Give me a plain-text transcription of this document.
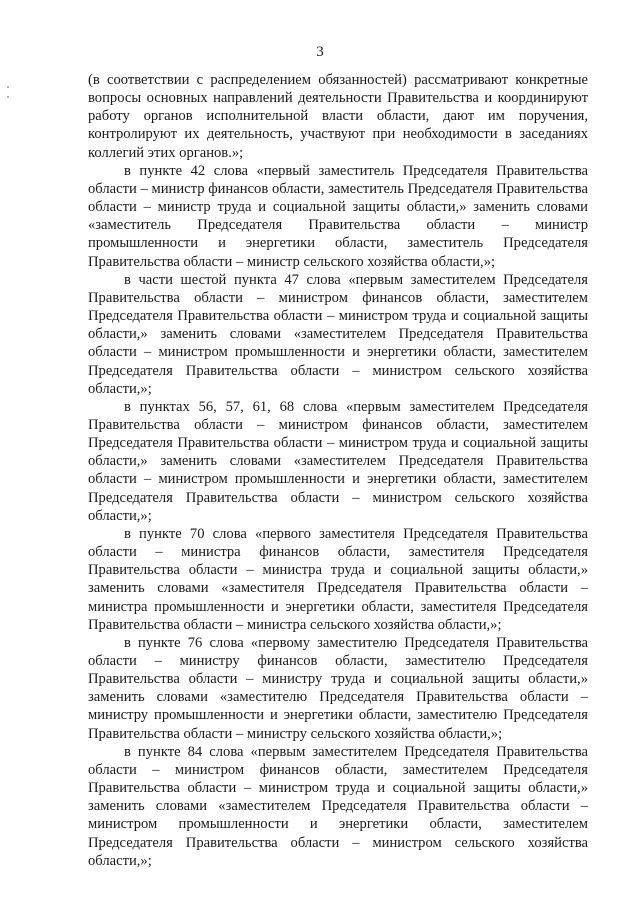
3

(в соответствии с распределением обязанностей) рассматривают конкретные вопросы основных направлений деятельности Правительства и координируют работу органов исполнительной власти области, дают им поручения, контролируют их деятельность, участвуют при необходимости в заседаниях коллегий этих органов.»;

в пункте 42 слова «первый заместитель Председателя Правительства области – министр финансов области, заместитель Председателя Правительства области – министр труда и социальной защиты области,» заменить словами «заместитель Председателя Правительства области – министр промышленности и энергетики области, заместитель Председателя Правительства области – министр сельского хозяйства области,»;

в части шестой пункта 47 слова «первым заместителем Председателя Правительства области – министром финансов области, заместителем Председателя Правительства области – министром труда и социальной защиты области,» заменить словами «заместителем Председателя Правительства области – министром промышленности и энергетики области, заместителем Председателя Правительства области – министром сельского хозяйства области,»;

в пунктах 56, 57, 61, 68 слова «первым заместителем Председателя Правительства области – министром финансов области, заместителем Председателя Правительства области – министром труда и социальной защиты области,» заменить словами «заместителем Председателя Правительства области – министром промышленности и энергетики области, заместителем Председателя Правительства области – министром сельского хозяйства области,»;

в пункте 70 слова «первого заместителя Председателя Правительства области – министра финансов области, заместителя Председателя Правительства области – министра труда и социальной защиты области,» заменить словами «заместителя Председателя Правительства области – министра промышленности и энергетики области, заместителя Председателя Правительства области – министра сельского хозяйства области,»;

в пункте 76 слова «первому заместителю Председателя Правительства области – министру финансов области, заместителю Председателя Правительства области – министру труда и социальной защиты области,» заменить словами «заместителю Председателя Правительства области – министру промышленности и энергетики области, заместителю Председателя Правительства области – министру сельского хозяйства области,»;

в пункте 84 слова «первым заместителем Председателя Правительства области – министром финансов области, заместителем Председателя Правительства области – министром труда и социальной защиты области,» заменить словами «заместителем Председателя Правительства области – министром промышленности и энергетики области, заместителем Председателя Правительства области – министром сельского хозяйства области,»;
